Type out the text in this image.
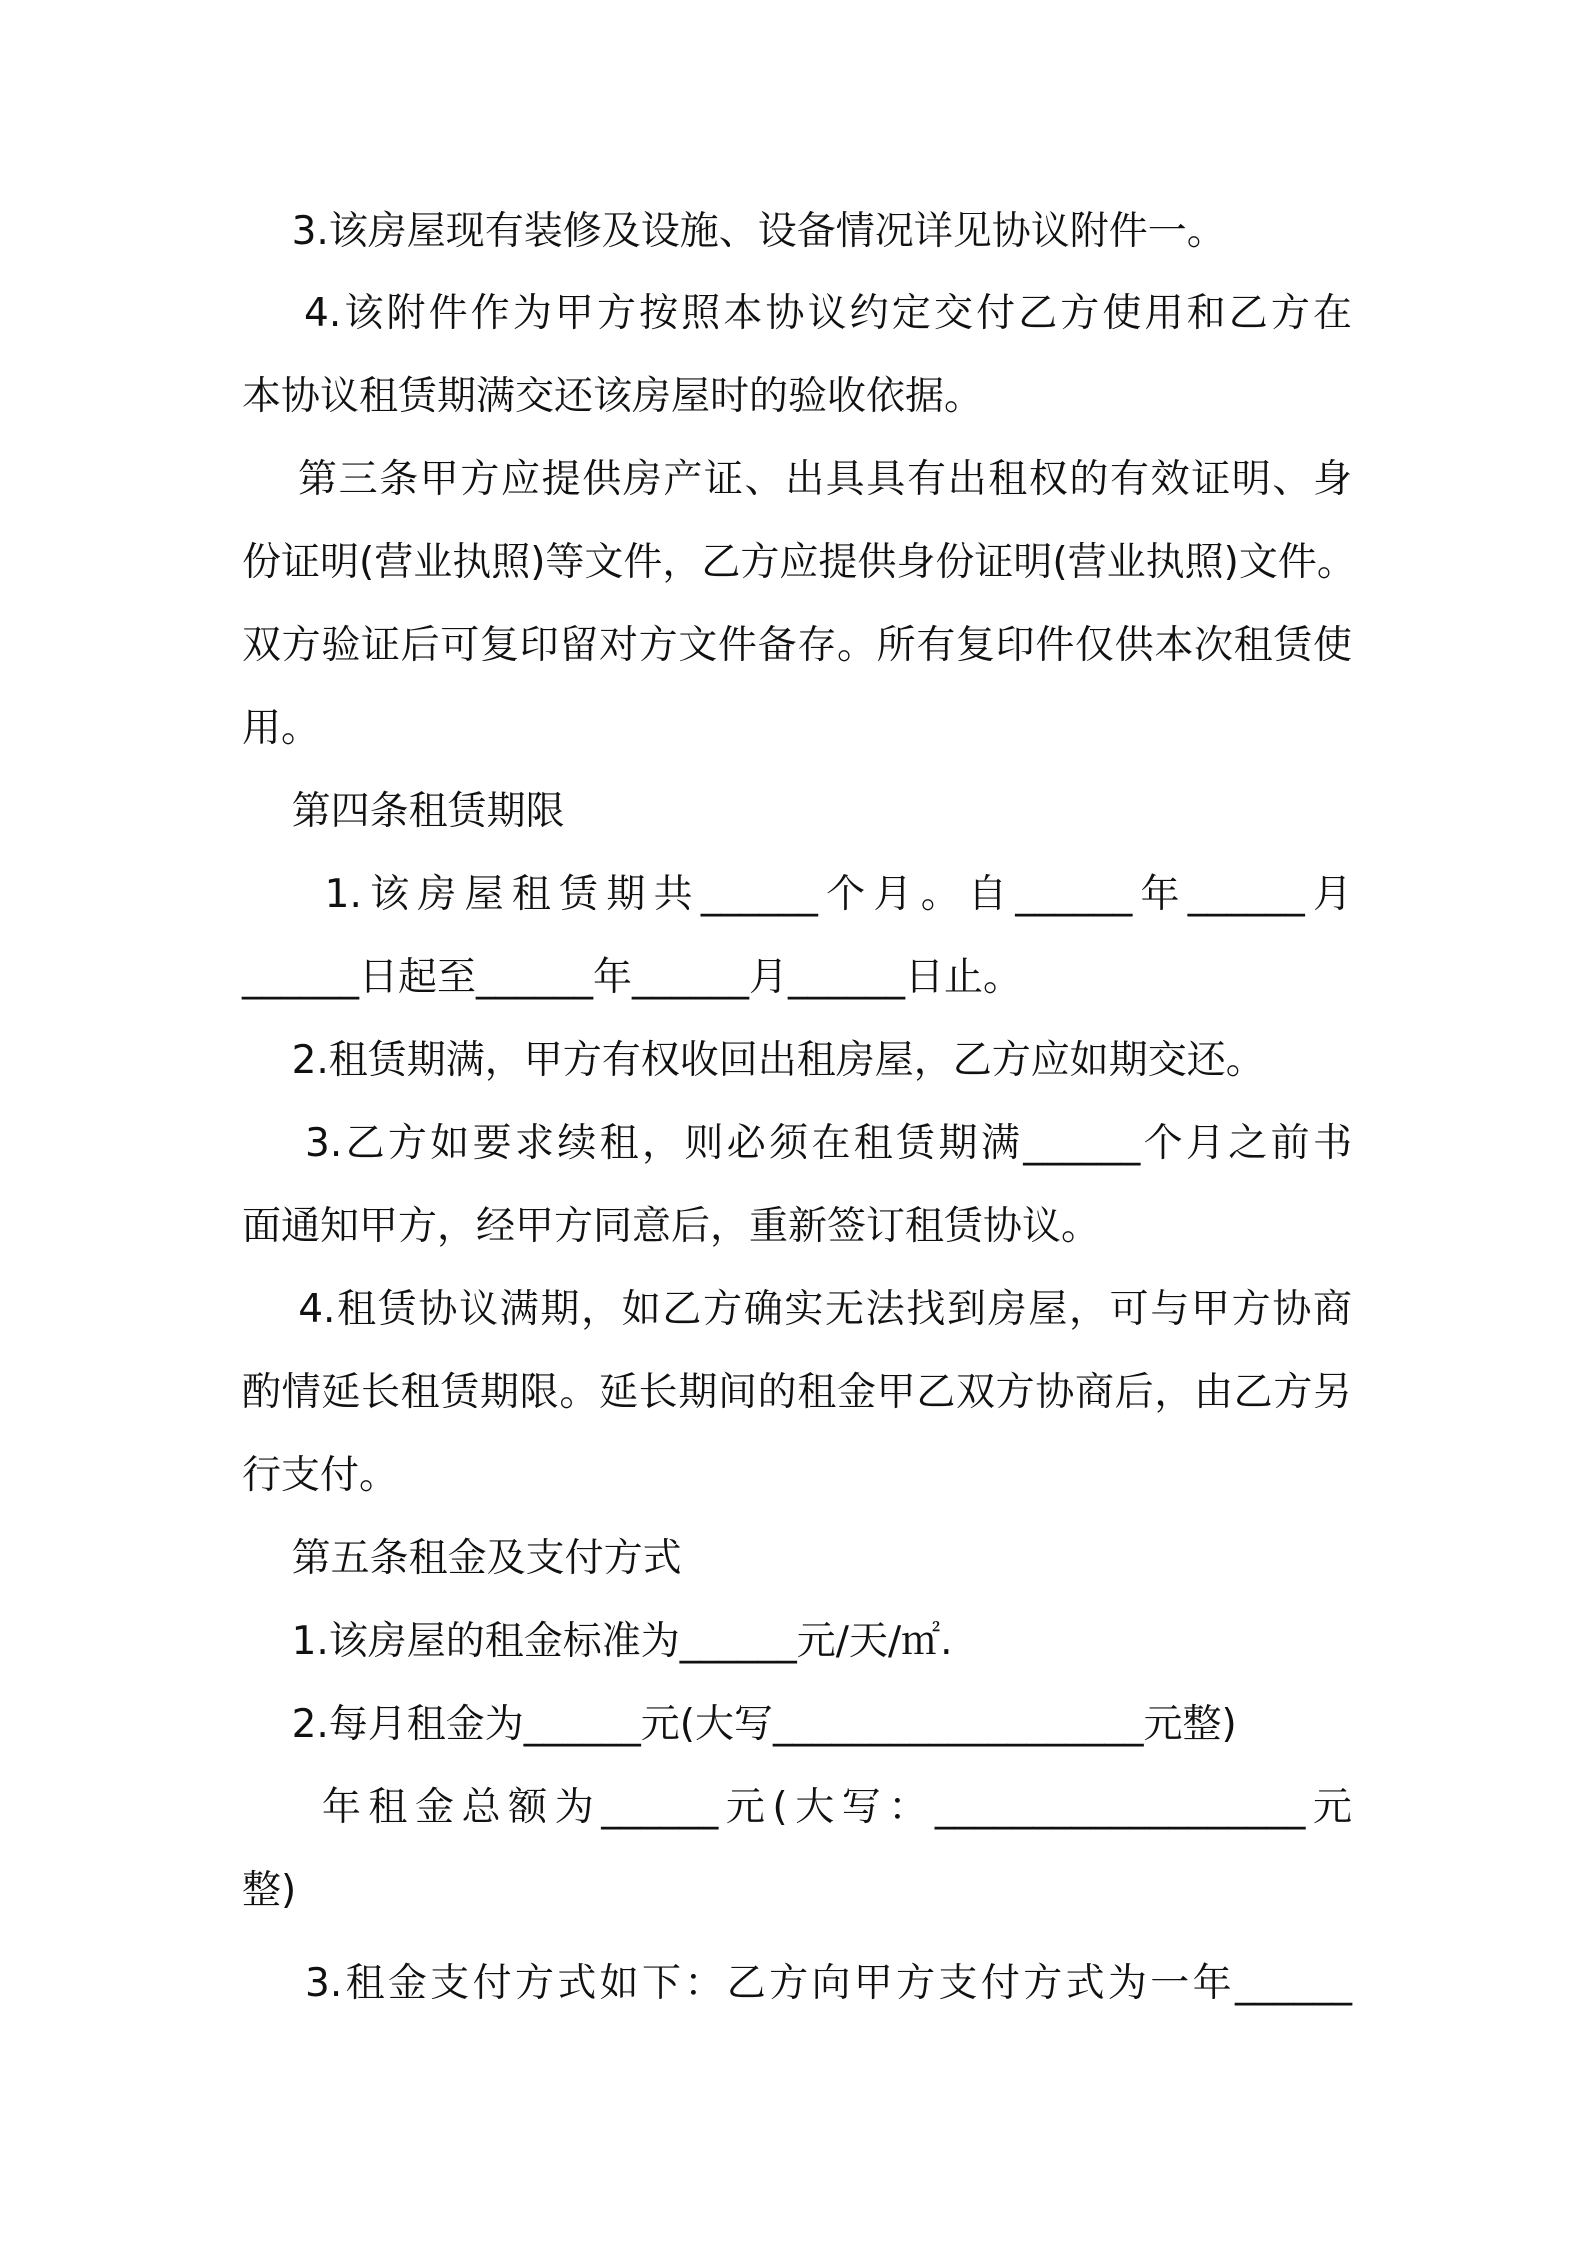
3.该房屋现有装修及设施、设备情况详见协议附件一。
4.该附件作为甲方按照本协议约定交付乙方使用和乙方在
本协议租赁期满交还该房屋时的验收依据。
第三条甲方应提供房产证、出具具有出租权的有效证明、身
份证明(营业执照)等文件，乙方应提供身份证明(营业执照)文件。
双方验证后可复印留对方文件备存。所有复印件仅供本次租赁使
用。
第四条租赁期限
1.该房屋租赁期共______个月。自______年______月
______日起至______年______月______日止。
2.租赁期满，甲方有权收回出租房屋，乙方应如期交还。
3.乙方如要求续租，则必须在租赁期满______个月之前书
面通知甲方，经甲方同意后，重新签订租赁协议。
4.租赁协议满期，如乙方确实无法找到房屋，可与甲方协商
酌情延长租赁期限。延长期间的租金甲乙双方协商后，由乙方另
行支付。
第五条租金及支付方式
1.该房屋的租金标准为______元/天/㎡.
2.每月租金为______元(大写___________________元整)
年租金总额为______元(大写：___________________元
整)
3.租金支付方式如下：乙方向甲方支付方式为一年______
